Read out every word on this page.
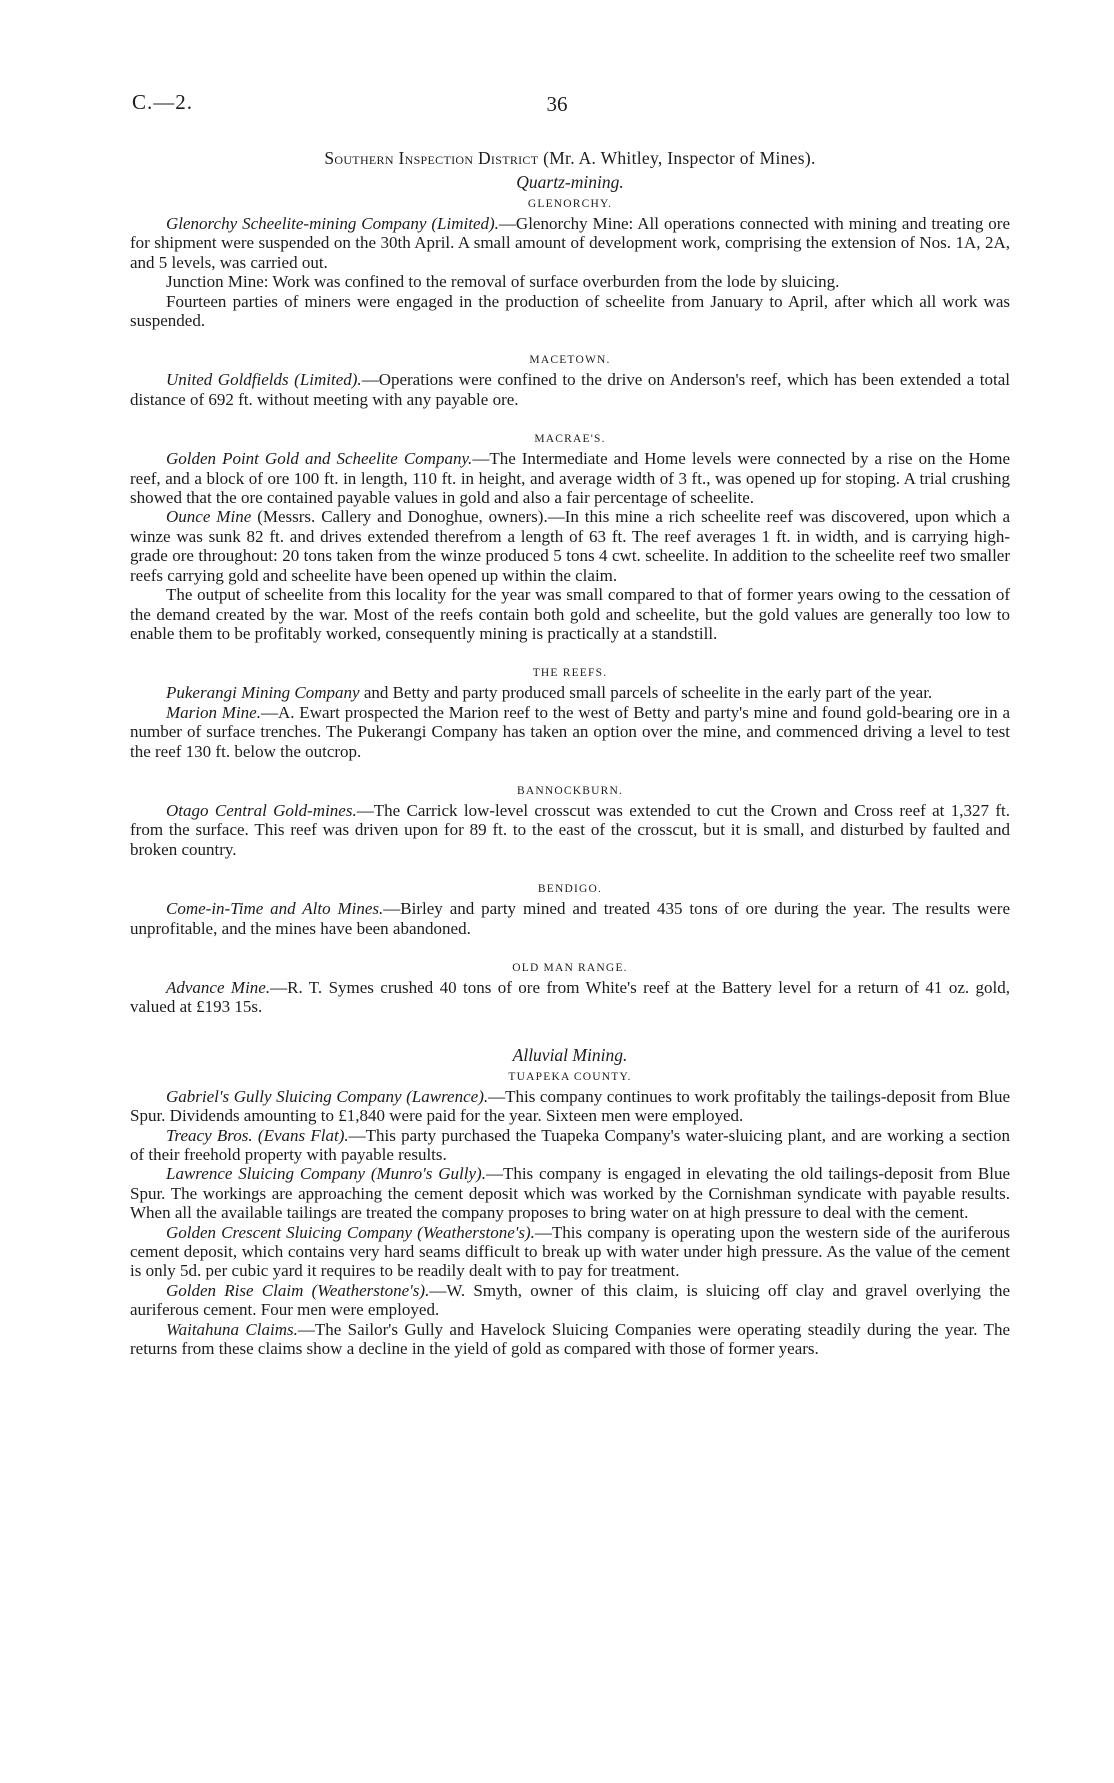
C.—2.	36
Southern Inspection District (Mr. A. Whitley, Inspector of Mines).
Quartz-mining.
GLENORCHY.

Glenorchy Scheelite-mining Company (Limited).—Glenorchy Mine: All operations connected with mining and treating ore for shipment were suspended on the 30th April. A small amount of development work, comprising the extension of Nos. 1A, 2A, and 5 levels, was carried out.

Junction Mine: Work was confined to the removal of surface overburden from the lode by sluicing.

Fourteen parties of miners were engaged in the production of scheelite from January to April, after which all work was suspended.

MACETOWN.

United Goldfields (Limited).—Operations were confined to the drive on Anderson's reef, which has been extended a total distance of 692 ft. without meeting with any payable ore.

MACRAE'S.

Golden Point Gold and Scheelite Company.—The Intermediate and Home levels were connected by a rise on the Home reef, and a block of ore 100 ft. in length, 110 ft. in height, and average width of 3 ft., was opened up for stoping. A trial crushing showed that the ore contained payable values in gold and also a fair percentage of scheelite.

Ounce Mine (Messrs. Callery and Donoghue, owners).—In this mine a rich scheelite reef was discovered, upon which a winze was sunk 82 ft. and drives extended therefrom a length of 63 ft. The reef averages 1 ft. in width, and is carrying high-grade ore throughout: 20 tons taken from the winze produced 5 tons 4 cwt. scheelite. In addition to the scheelite reef two smaller reefs carrying gold and scheelite have been opened up within the claim.

The output of scheelite from this locality for the year was small compared to that of former years owing to the cessation of the demand created by the war. Most of the reefs contain both gold and scheelite, but the gold values are generally too low to enable them to be profitably worked, consequently mining is practically at a standstill.

THE REEFS.

Pukerangi Mining Company and Betty and party produced small parcels of scheelite in the early part of the year.

Marion Mine.—A. Ewart prospected the Marion reef to the west of Betty and party's mine and found gold-bearing ore in a number of surface trenches. The Pukerangi Company has taken an option over the mine, and commenced driving a level to test the reef 130 ft. below the outcrop.

BANNOCKBURN.

Otago Central Gold-mines.—The Carrick low-level crosscut was extended to cut the Crown and Cross reef at 1,327 ft. from the surface. This reef was driven upon for 89 ft. to the east of the crosscut, but it is small, and disturbed by faulted and broken country.

BENDIGO.

Come-in-Time and Alto Mines.—Birley and party mined and treated 435 tons of ore during the year. The results were unprofitable, and the mines have been abandoned.

OLD MAN RANGE.

Advance Mine.—R. T. Symes crushed 40 tons of ore from White's reef at the Battery level for a return of 41 oz. gold, valued at £193 15s.

Alluvial Mining.
TUAPEKA COUNTY.

Gabriel's Gully Sluicing Company (Lawrence).—This company continues to work profitably the tailings-deposit from Blue Spur. Dividends amounting to £1,840 were paid for the year. Sixteen men were employed.

Treacy Bros. (Evans Flat).—This party purchased the Tuapeka Company's water-sluicing plant, and are working a section of their freehold property with payable results.

Lawrence Sluicing Company (Munro's Gully).—This company is engaged in elevating the old tailings-deposit from Blue Spur. The workings are approaching the cement deposit which was worked by the Cornishman syndicate with payable results. When all the available tailings are treated the company proposes to bring water on at high pressure to deal with the cement.

Golden Crescent Sluicing Company (Weatherstone's).—This company is operating upon the western side of the auriferous cement deposit, which contains very hard seams difficult to break up with water under high pressure. As the value of the cement is only 5d. per cubic yard it requires to be readily dealt with to pay for treatment.

Golden Rise Claim (Weatherstone's).—W. Smyth, owner of this claim, is sluicing off clay and gravel overlying the auriferous cement. Four men were employed.

Waitahuna Claims.—The Sailor's Gully and Havelock Sluicing Companies were operating steadily during the year. The returns from these claims show a decline in the yield of gold as compared with those of former years.
